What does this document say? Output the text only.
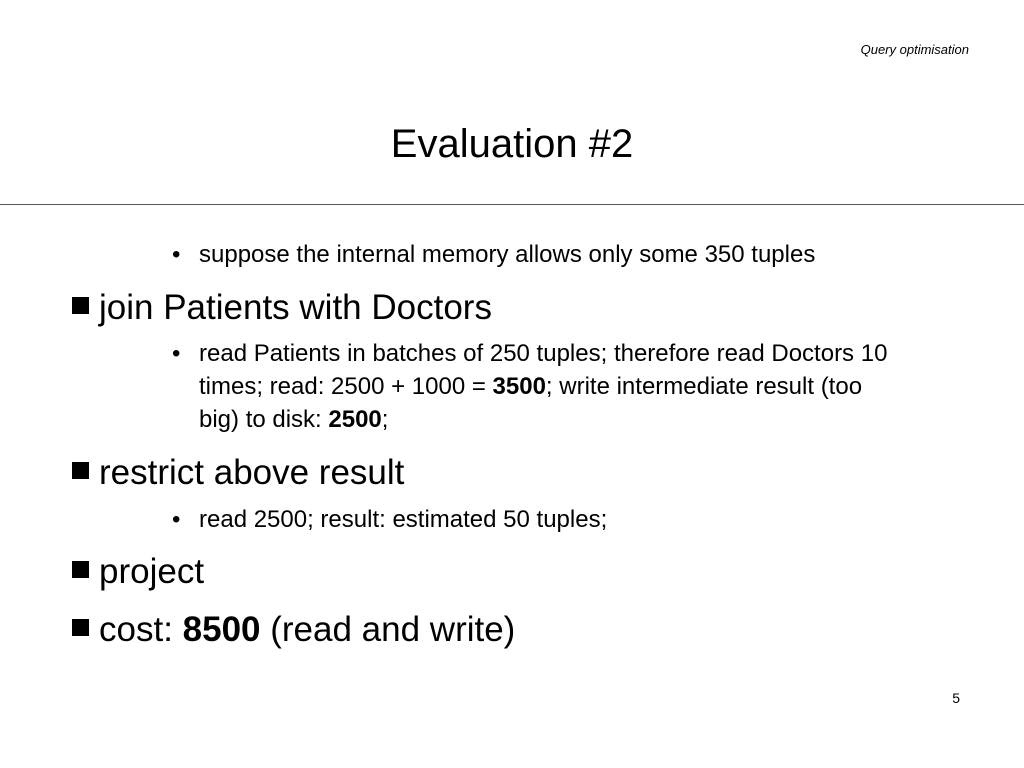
Query optimisation
Evaluation #2
• suppose the internal memory allows only some 350 tuples
join Patients with Doctors
• read Patients in batches of 250 tuples; therefore read Doctors 10 times; read: 2500 + 1000 = 3500; write intermediate result (too big) to disk: 2500;
restrict above result
• read 2500; result: estimated 50 tuples;
project
cost: 8500 (read and write)
5
